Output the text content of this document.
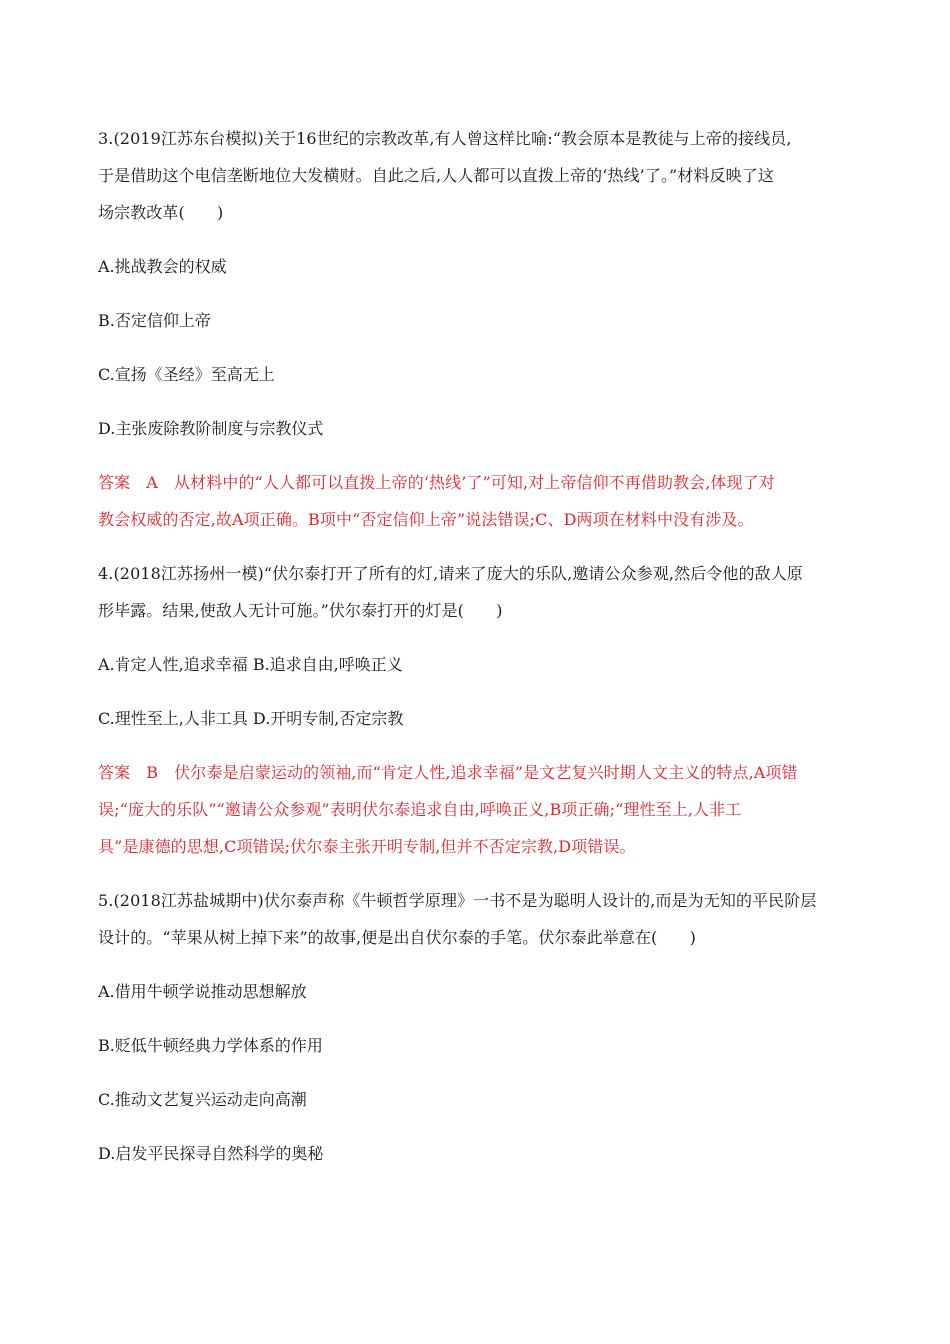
3.(2019江苏东台模拟)关于16世纪的宗教改革,有人曾这样比喻:“教会原本是教徒与上帝的接线员,
于是借助这个电信垄断地位大发横财。自此之后,人人都可以直拨上帝的‘热线’了。”材料反映了这
场宗教改革(　　)
A.挑战教会的权威
B.否定信仰上帝
C.宣扬《圣经》至高无上
D.主张废除教阶制度与宗教仪式
答案　A　从材料中的“人人都可以直拨上帝的‘热线’了”可知,对上帝信仰不再借助教会,体现了对
教会权威的否定,故A项正确。B项中“否定信仰上帝”说法错误;C、D两项在材料中没有涉及。
4.(2018江苏扬州一模)“伏尔泰打开了所有的灯,请来了庞大的乐队,邀请公众参观,然后令他的敌人原
形毕露。结果,使敌人无计可施。”伏尔泰打开的灯是(　　)
A.肯定人性,追求幸福 B.追求自由,呼唤正义
C.理性至上,人非工具 D.开明专制,否定宗教
答案　B　伏尔泰是启蒙运动的领袖,而“肯定人性,追求幸福”是文艺复兴时期人文主义的特点,A项错
误;“庞大的乐队”“邀请公众参观”表明伏尔泰追求自由,呼唤正义,B项正确;“理性至上,人非工
具”是康德的思想,C项错误;伏尔泰主张开明专制,但并不否定宗教,D项错误。
5.(2018江苏盐城期中)伏尔泰声称《牛顿哲学原理》一书不是为聪明人设计的,而是为无知的平民阶层
设计的。“苹果从树上掉下来”的故事,便是出自伏尔泰的手笔。伏尔泰此举意在(　　)
A.借用牛顿学说推动思想解放
B.贬低牛顿经典力学体系的作用
C.推动文艺复兴运动走向高潮
D.启发平民探寻自然科学的奥秘
